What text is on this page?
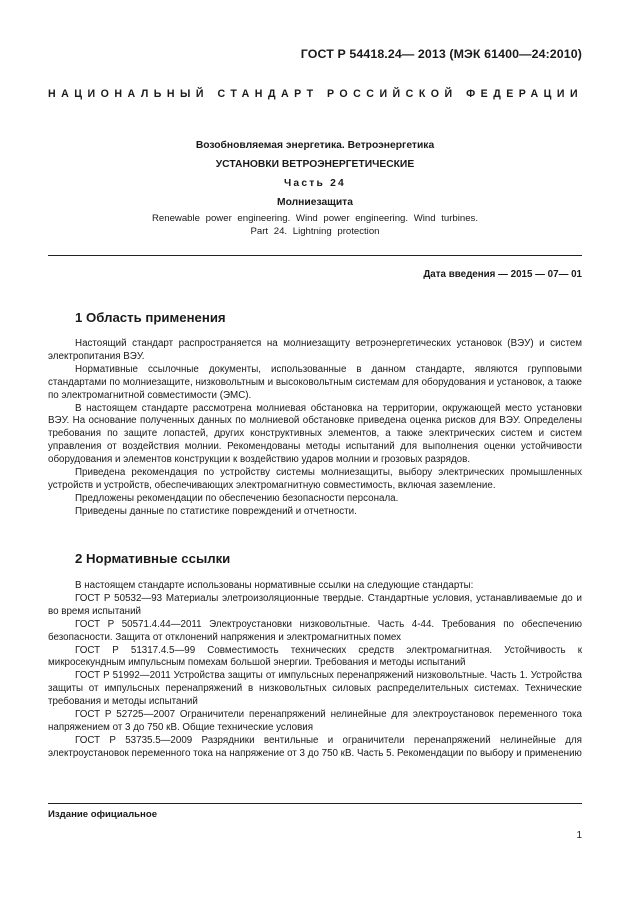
ГОСТ Р 54418.24— 2013 (МЭК 61400—24:2010)
НАЦИОНАЛЬНЫЙ СТАНДАРТ РОССИЙСКОЙ ФЕДЕРАЦИИ
Возобновляемая энергетика. Ветроэнергетика
УСТАНОВКИ ВЕТРОЭНЕРГЕТИЧЕСКИЕ
Часть 24
Молниезащита
Renewable power engineering. Wind power engineering. Wind turbines.
Part 24. Lightning protection
Дата введения — 2015 — 07— 01
1 Область применения

Настоящий стандарт распространяется на молниезащиту ветроэнергетических установок (ВЭУ) и систем электропитания ВЭУ.

Нормативные ссылочные документы, использованные в данном стандарте, являются групповыми стандартами по молниезащите, низковольтным и высоковольтным системам для оборудования и установок, а также по электромагнитной совместимости (ЭМС).

В настоящем стандарте рассмотрена молниевая обстановка на территории, окружающей место установки ВЭУ. На основание полученных данных по молниевой обстановке приведена оценка рисков для ВЭУ. Определены требования по защите лопастей, других конструктивных элементов, а также электрических систем и систем управления от воздействия молнии. Рекомендованы методы испытаний для выполнения оценки устойчивости оборудования и элементов конструкции к воздействию ударов молнии и грозовых разрядов.

Приведена рекомендация по устройству системы молниезащиты, выбору электрических промышленных устройств и устройств, обеспечивающих электромагнитную совместимость, включая заземление.

Предложены рекомендации по обеспечению безопасности персонала.

Приведены данные по статистике повреждений и отчетности.

2 Нормативные ссылки

В настоящем стандарте использованы нормативные ссылки на следующие стандарты:

ГОСТ Р 50532—93 Материалы элетроизоляционные твердые. Стандартные условия, устанавливаемые до и во время испытаний

ГОСТ Р 50571.4.44—2011 Электроустановки низковольтные. Часть 4-44. Требования по обеспечению безопасности. Защита от отклонений напряжения и электромагнитных помех

ГОСТ Р 51317.4.5—99 Совместимость технических средств электромагнитная. Устойчивость к микросекундным импульсным помехам большой энергии. Требования и методы испытаний

ГОСТ Р 51992—2011 Устройства защиты от импульсных перенапряжений низковольтные. Часть 1. Устройства защиты от импульсных перенапряжений в низковольтных силовых распределительных системах. Технические требования и методы испытаний

ГОСТ Р 52725—2007 Ограничители перенапряжений нелинейные для электроустановок переменного тока напряжением от 3 до 750 кВ. Общие технические условия

ГОСТ Р 53735.5—2009 Разрядники вентильные и ограничители перенапряжений нелинейные для электроустановок переменного тока на напряжение от 3 до 750 кВ. Часть 5. Рекомендации по выбору и применению

Издание официальное
1
